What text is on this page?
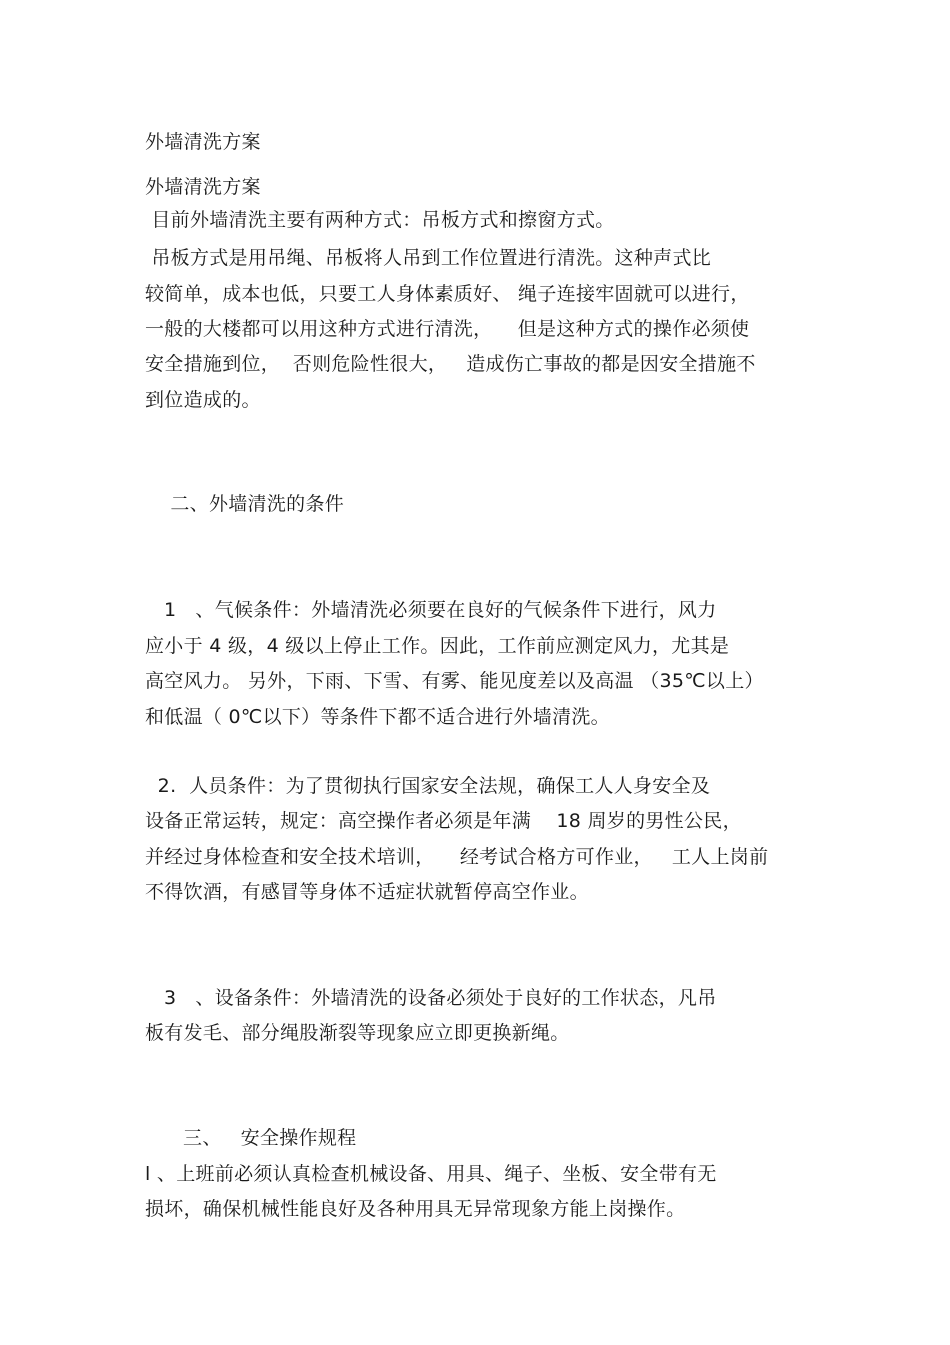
外墙清洗方案

外墙清洗方案

目前外墙清洗主要有两种方式：吊板方式和擦窗方式。

吊板方式是用吊绳、吊板将人吊到工作位置进行清洗。这种声式比

较简单，成本也低，只要工人身体素质好、 绳子连接牢固就可以进行，

一般的大楼都可以用这种方式进行清洗，    但是这种方式的操作必须使

安全措施到位，  否则危险性很大，   造成伤亡事故的都是因安全措施不

到位造成的。

二、外墙清洗的条件

1   、气候条件：外墙清洗必须要在良好的气候条件下进行，风力

应小于 4 级，4 级以上停止工作。因此，工作前应测定风力，尤其是

高空风力。 另外，下雨、下雪、有雾、能见度差以及高温 （35℃以上）

和低温（ 0℃以下）等条件下都不适合进行外墙清洗。

2.  人员条件：为了贯彻执行国家安全法规，确保工人人身安全及

设备正常运转，规定：高空操作者必须是年满    18 周岁的男性公民，

并经过身体检查和安全技术培训，    经考试合格方可作业，   工人上岗前

不得饮酒，有感冒等身体不适症状就暂停高空作业。

3   、设备条件：外墙清洗的设备必须处于良好的工作状态，凡吊

板有发毛、部分绳股渐裂等现象应立即更换新绳。

三、   安全操作规程

l 、上班前必须认真检查机械设备、用具、绳子、坐板、安全带有无

损坏，确保机械性能良好及各种用具无异常现象方能上岗操作。
